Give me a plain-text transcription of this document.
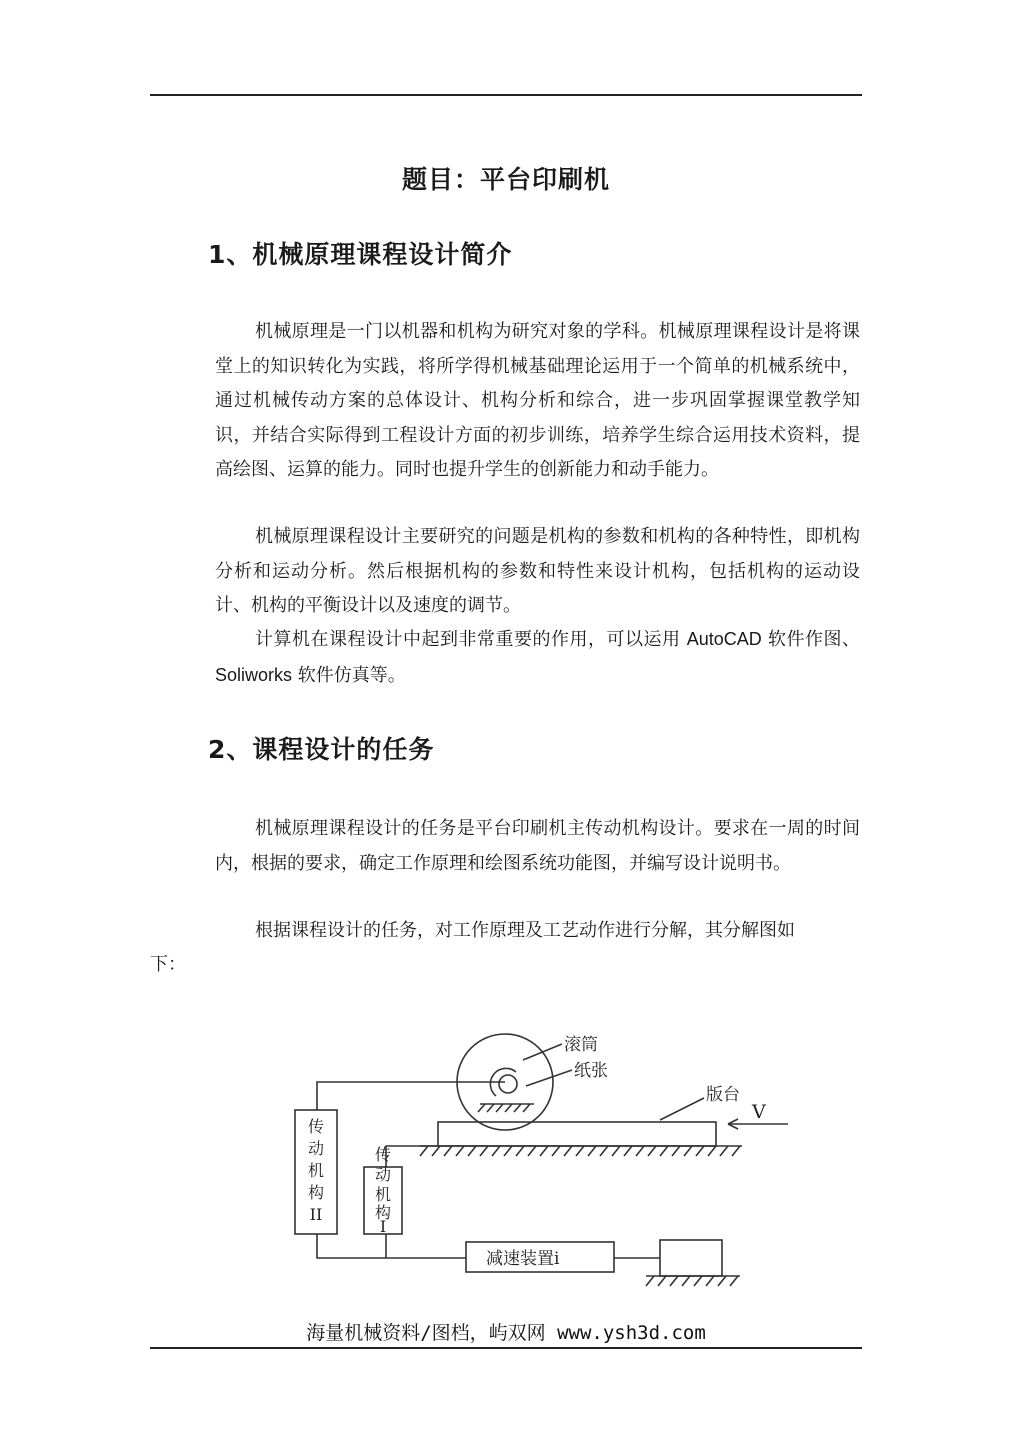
题目：平台印刷机
1、机械原理课程设计简介

机械原理是一门以机器和机构为研究对象的学科。机械原理课程设计是将课堂上的知识转化为实践，将所学得机械基础理论运用于一个简单的机械系统中，通过机械传动方案的总体设计、机构分析和综合，进一步巩固掌握课堂教学知识，并结合实际得到工程设计方面的初步训练，培养学生综合运用技术资料，提高绘图、运算的能力。同时也提升学生的创新能力和动手能力。

机械原理课程设计主要研究的问题是机构的参数和机构的各种特性，即机构分析和运动分析。然后根据机构的参数和特性来设计机构，包括机构的运动设计、机构的平衡设计以及速度的调节。

计算机在课程设计中起到非常重要的作用，可以运用 AutoCAD 软件作图、Soliworks 软件仿真等。

2、课程设计的任务

机械原理课程设计的任务是平台印刷机主传动机构设计。要求在一周的时间内，根据的要求，确定工作原理和绘图系统功能图，并编写设计说明书。

根据课程设计的任务，对工作原理及工艺动作进行分解，其分解图如

下：

滚筒
纸张
版台
V
减速装置i
传
动
机
构
II
传
动
机
构
I
海量机械资料/图档，屿双网 www.ysh3d.com
